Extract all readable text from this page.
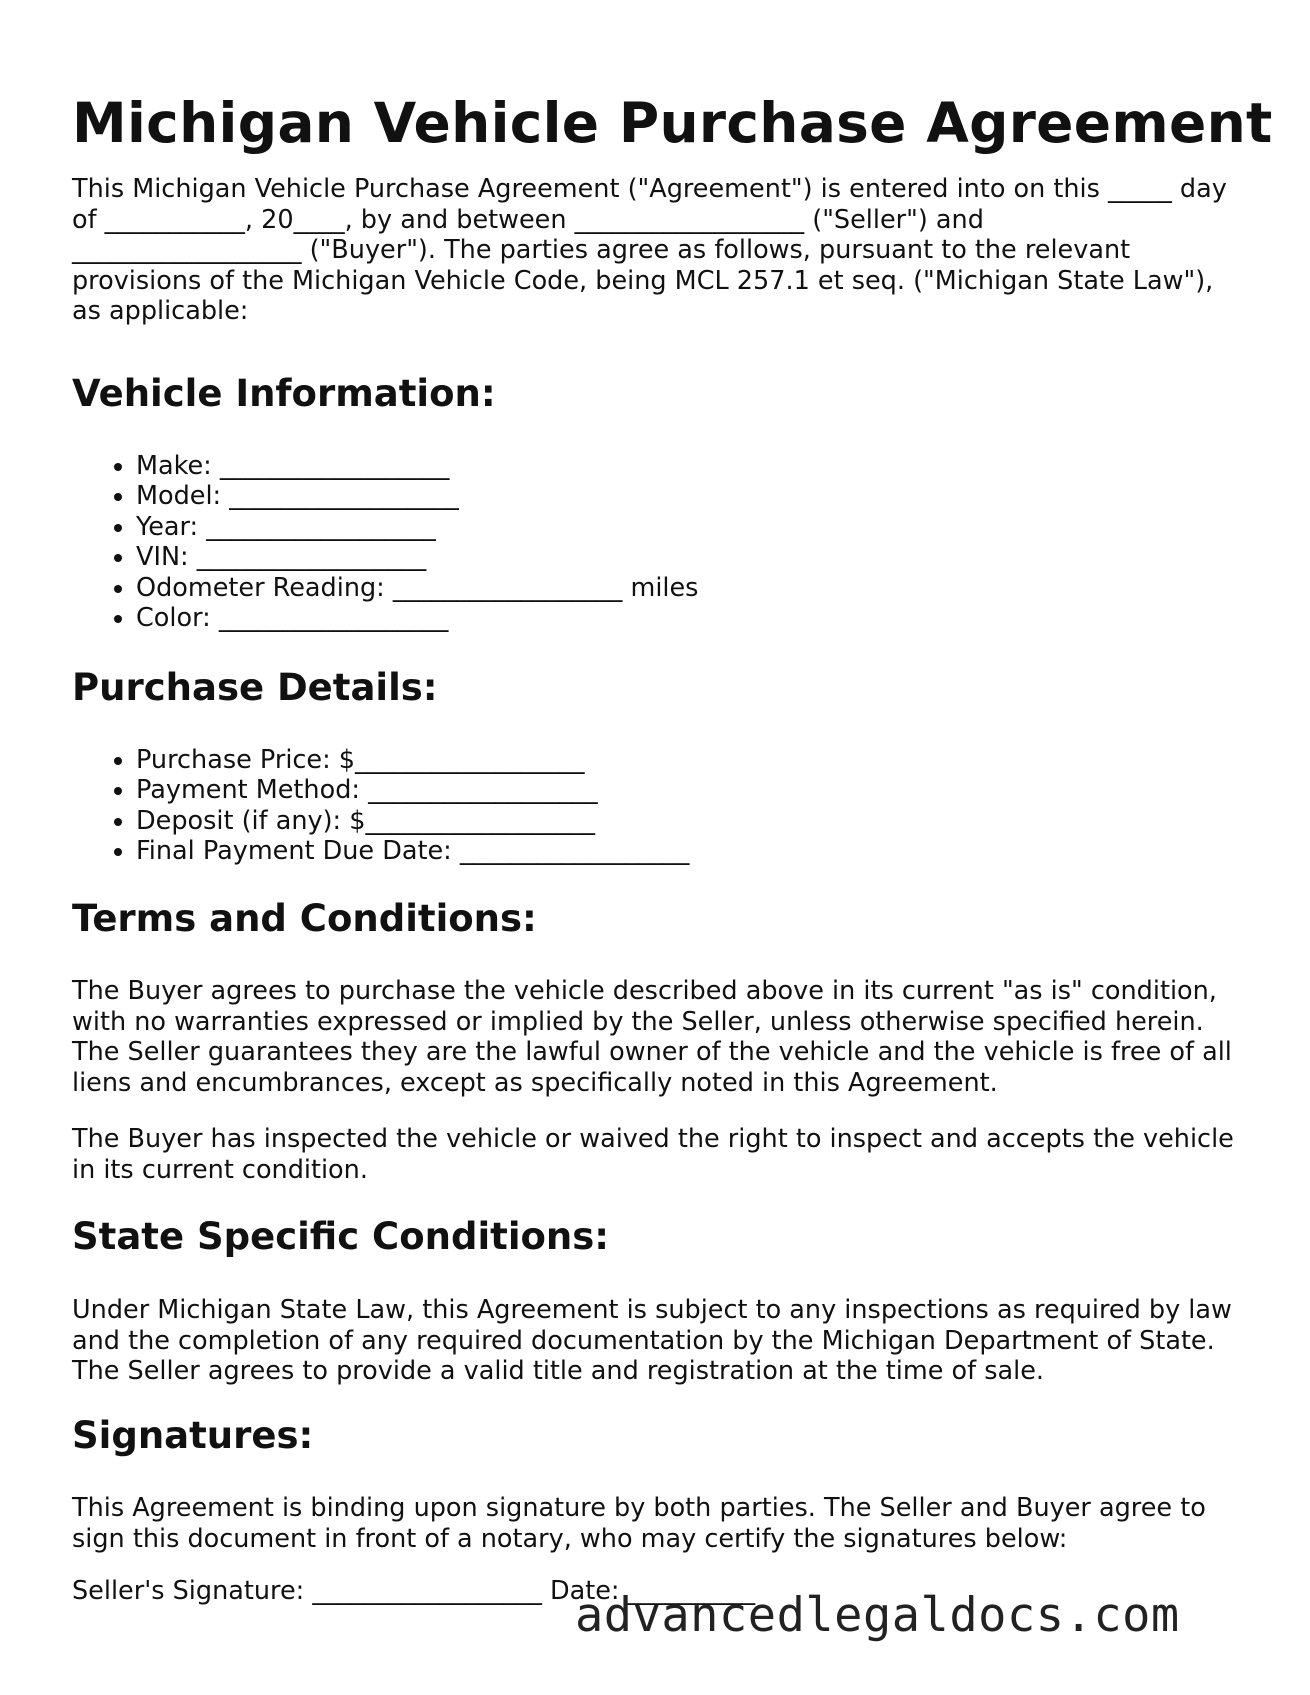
Michigan Vehicle Purchase Agreement

This Michigan Vehicle Purchase Agreement ("Agreement") is entered into on this _____ day
of ___________, 20____, by and between __________________ ("Seller") and
__________________ ("Buyer"). The parties agree as follows, pursuant to the relevant
provisions of the Michigan Vehicle Code, being MCL 257.1 et seq. ("Michigan State Law"),
as applicable:

Vehicle Information:
• Make: __________________
• Model: __________________
• Year: __________________
• VIN: __________________
• Odometer Reading: __________________ miles
• Color: __________________
Purchase Details:
• Purchase Price: $__________________
• Payment Method: __________________
• Deposit (if any): $__________________
• Final Payment Due Date: __________________
Terms and Conditions:

The Buyer agrees to purchase the vehicle described above in its current "as is" condition,
with no warranties expressed or implied by the Seller, unless otherwise specified herein.
The Seller guarantees they are the lawful owner of the vehicle and the vehicle is free of all
liens and encumbrances, except as specifically noted in this Agreement.

The Buyer has inspected the vehicle or waived the right to inspect and accepts the vehicle
in its current condition.

State Specific Conditions:

Under Michigan State Law, this Agreement is subject to any inspections as required by law
and the completion of any required documentation by the Michigan Department of State.
The Seller agrees to provide a valid title and registration at the time of sale.

Signatures:

This Agreement is binding upon signature by both parties. The Seller and Buyer agree to
sign this document in front of a notary, who may certify the signatures below:

Seller's Signature: __________________ Date: __________
advancedlegaldocs.com
